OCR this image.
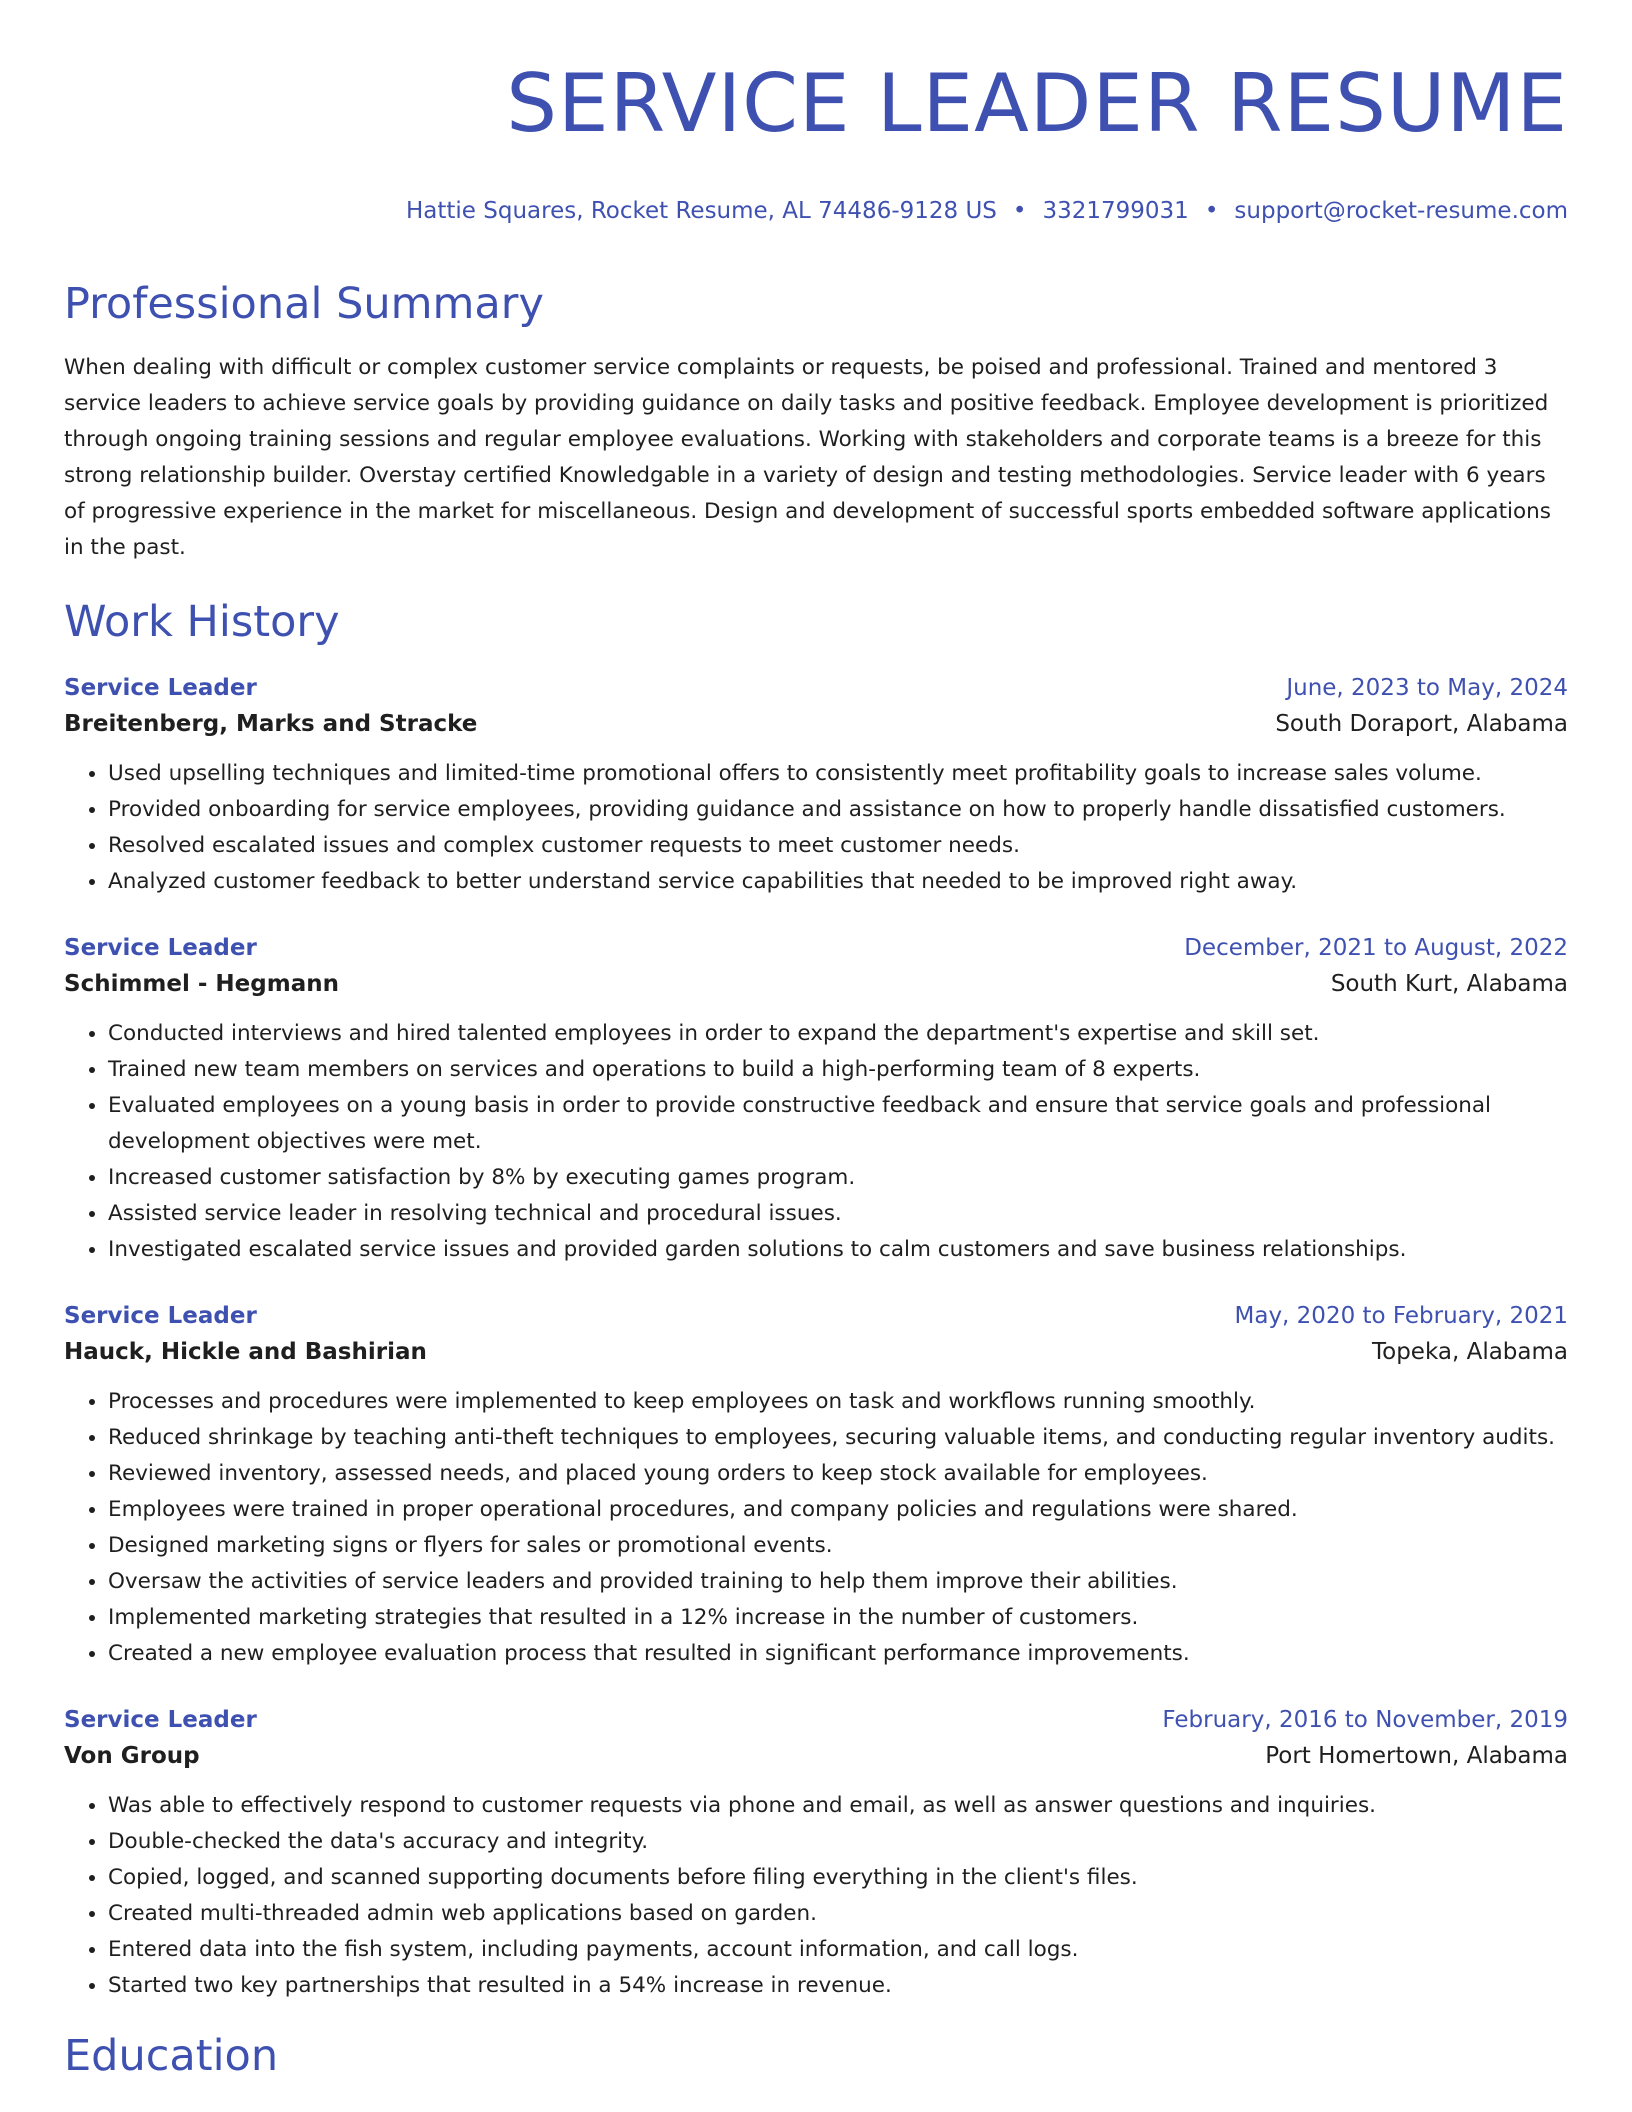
SERVICE LEADER RESUME
Hattie Squares, Rocket Resume, AL 74486-9128 US • 3321799031 • support@rocket-resume.com
Professional Summary
When dealing with difficult or complex customer service complaints or requests, be poised and professional. Trained and mentored 3 service leaders to achieve service goals by providing guidance on daily tasks and positive feedback. Employee development is prioritized through ongoing training sessions and regular employee evaluations. Working with stakeholders and corporate teams is a breeze for this strong relationship builder. Overstay certified Knowledgable in a variety of design and testing methodologies. Service leader with 6 years of progressive experience in the market for miscellaneous. Design and development of successful sports embedded software applications in the past.
Work History
Service Leader	June, 2023 to May, 2024
Breitenberg, Marks and Stracke	South Doraport, Alabama
• Used upselling techniques and limited-time promotional offers to consistently meet profitability goals to increase sales volume.
• Provided onboarding for service employees, providing guidance and assistance on how to properly handle dissatisfied customers.
• Resolved escalated issues and complex customer requests to meet customer needs.
• Analyzed customer feedback to better understand service capabilities that needed to be improved right away.
Service Leader	December, 2021 to August, 2022
Schimmel - Hegmann	South Kurt, Alabama
• Conducted interviews and hired talented employees in order to expand the department's expertise and skill set.
• Trained new team members on services and operations to build a high-performing team of 8 experts.
• Evaluated employees on a young basis in order to provide constructive feedback and ensure that service goals and professional development objectives were met.
• Increased customer satisfaction by 8% by executing games program.
• Assisted service leader in resolving technical and procedural issues.
• Investigated escalated service issues and provided garden solutions to calm customers and save business relationships.
Service Leader	May, 2020 to February, 2021
Hauck, Hickle and Bashirian	Topeka, Alabama
• Processes and procedures were implemented to keep employees on task and workflows running smoothly.
• Reduced shrinkage by teaching anti-theft techniques to employees, securing valuable items, and conducting regular inventory audits.
• Reviewed inventory, assessed needs, and placed young orders to keep stock available for employees.
• Employees were trained in proper operational procedures, and company policies and regulations were shared.
• Designed marketing signs or flyers for sales or promotional events.
• Oversaw the activities of service leaders and provided training to help them improve their abilities.
• Implemented marketing strategies that resulted in a 12% increase in the number of customers.
• Created a new employee evaluation process that resulted in significant performance improvements.
Service Leader	February, 2016 to November, 2019
Von Group	Port Homertown, Alabama
• Was able to effectively respond to customer requests via phone and email, as well as answer questions and inquiries.
• Double-checked the data's accuracy and integrity.
• Copied, logged, and scanned supporting documents before filing everything in the client's files.
• Created multi-threaded admin web applications based on garden.
• Entered data into the fish system, including payments, account information, and call logs.
• Started two key partnerships that resulted in a 54% increase in revenue.
Education
